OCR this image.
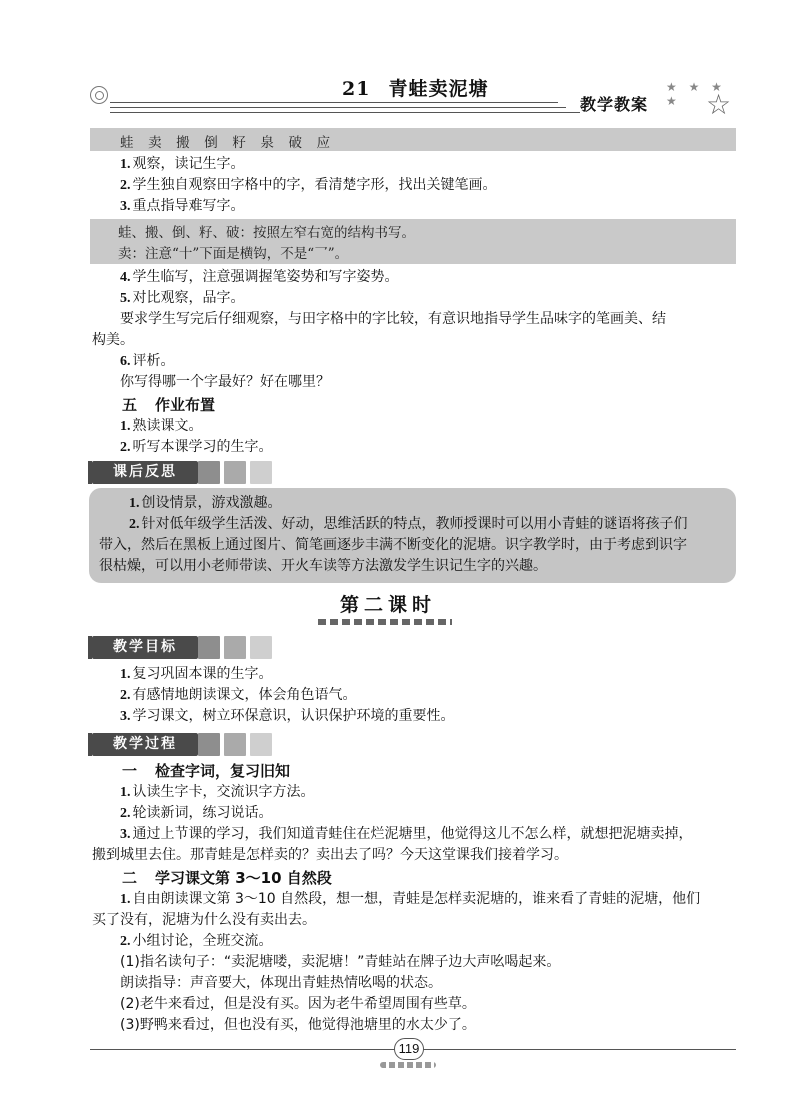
21 青蛙卖泥塘
教学教案
★ ★ ★ ★ ☆
蛙  卖  搬  倒  籽  泉  破  应
1. 观察，读记生字。
2. 学生独自观察田字格中的字，看清楚字形，找出关键笔画。
3. 重点指导难写字。
蛙、搬、倒、籽、破：按照左窄右宽的结构书写。
卖：注意“十”下面是横钩，不是“乛”。
4. 学生临写，注意强调握笔姿势和写字姿势。
5. 对比观察，品字。
要求学生写完后仔细观察，与田字格中的字比较，有意识地指导学生品味字的笔画美、结
构美。
6. 评析。
你写得哪一个字最好？好在哪里？
五 作业布置
1. 熟读课文。
2. 听写本课学习的生字。
课后反思
1. 创设情景，游戏激趣。
2. 针对低年级学生活泼、好动，思维活跃的特点，教师授课时可以用小青蛙的谜语将孩子们
带入，然后在黑板上通过图片、简笔画逐步丰满不断变化的泥塘。识字教学时，由于考虑到识字
很枯燥，可以用小老师带读、开火车读等方法激发学生识记生字的兴趣。
第二课时
教学目标
1. 复习巩固本课的生字。
2. 有感情地朗读课文，体会角色语气。
3. 学习课文，树立环保意识，认识保护环境的重要性。
教学过程
一 检查字词，复习旧知
1. 认读生字卡，交流识字方法。
2. 轮读新词，练习说话。
3. 通过上节课的学习，我们知道青蛙住在烂泥塘里，他觉得这儿不怎么样，就想把泥塘卖掉，
搬到城里去住。那青蛙是怎样卖的？卖出去了吗？今天这堂课我们接着学习。
二 学习课文第 3～10 自然段
1. 自由朗读课文第 3～10 自然段，想一想，青蛙是怎样卖泥塘的，谁来看了青蛙的泥塘，他们
买了没有，泥塘为什么没有卖出去。
2. 小组讨论，全班交流。
(1)指名读句子：“卖泥塘喽，卖泥塘！”青蛙站在牌子边大声吆喝起来。
朗读指导：声音要大，体现出青蛙热情吆喝的状态。
(2)老牛来看过，但是没有买。因为老牛希望周围有些草。
(3)野鸭来看过，但也没有买，他觉得池塘里的水太少了。
119
